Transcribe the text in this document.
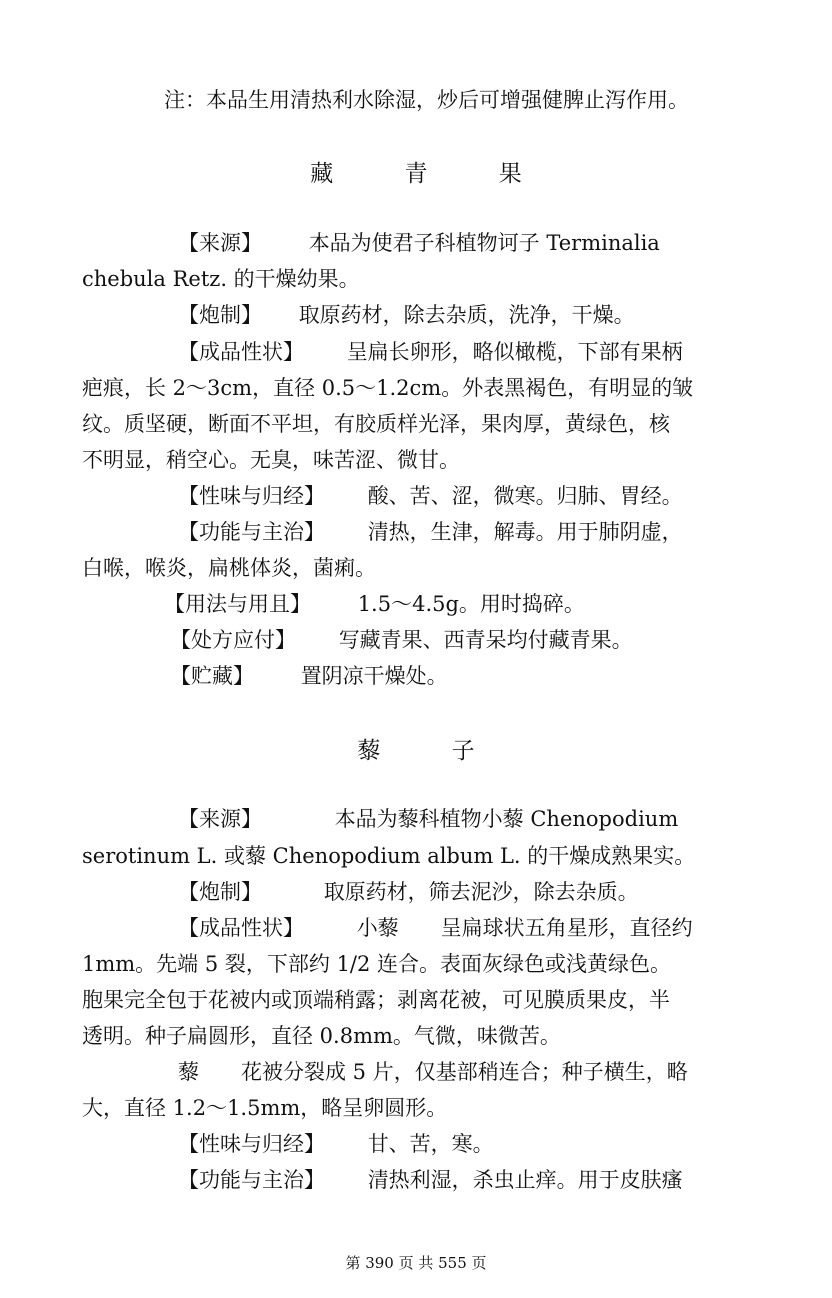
注：本品生用清热利水除湿，炒后可增强健脾止泻作用。
藏 青 果
【来源】 本品为使君子科植物诃子 Terminalia
chebula Retz. 的干燥幼果。
【炮制】 取原药材，除去杂质，洗净，干燥。
【成品性状】 呈扁长卵形，略似橄榄，下部有果柄
疤痕，长 2～3cm，直径 0.5～1.2cm。外表黑褐色，有明显的皱
纹。质坚硬，断面不平坦，有胶质样光泽，果肉厚，黄绿色，核
不明显，稍空心。无臭，味苦涩、微甘。
【性味与归经】 酸、苦、涩，微寒。归肺、胃经。
【功能与主治】 清热，生津，解毒。用于肺阴虚，
白喉，喉炎，扁桃体炎，菌痢。
【用法与用且】 1.5～4.5g。用时捣碎。
【处方应付】 写藏青果、西青呆均付藏青果。
【贮藏】 置阴凉干燥处。
藜 子
【来源】	本品为藜科植物小藜 Chenopodium
serotinum L. 或藜 Chenopodium album L. 的干燥成熟果实。
【炮制】	取原药材，筛去泥沙，除去杂质。
【成品性状】	小藜　　呈扁球状五角星形，直径约
1mm。先端 5 裂，下部约 1/2 连合。表面灰绿色或浅黄绿色。
胞果完全包于花被内或顶端稍露；剥离花被，可见膜质果皮，半
透明。种子扁圆形，直径 0.8mm。气微，味微苦。
藜　　花被分裂成 5 片，仅基部稍连合；种子横生，略
大，直径 1.2～1.5mm，略呈卵圆形。
【性味与归经】 甘、苦，寒。
【功能与主治】 清热利湿，杀虫止痒。用于皮肤瘙
第 390 页 共 555 页
